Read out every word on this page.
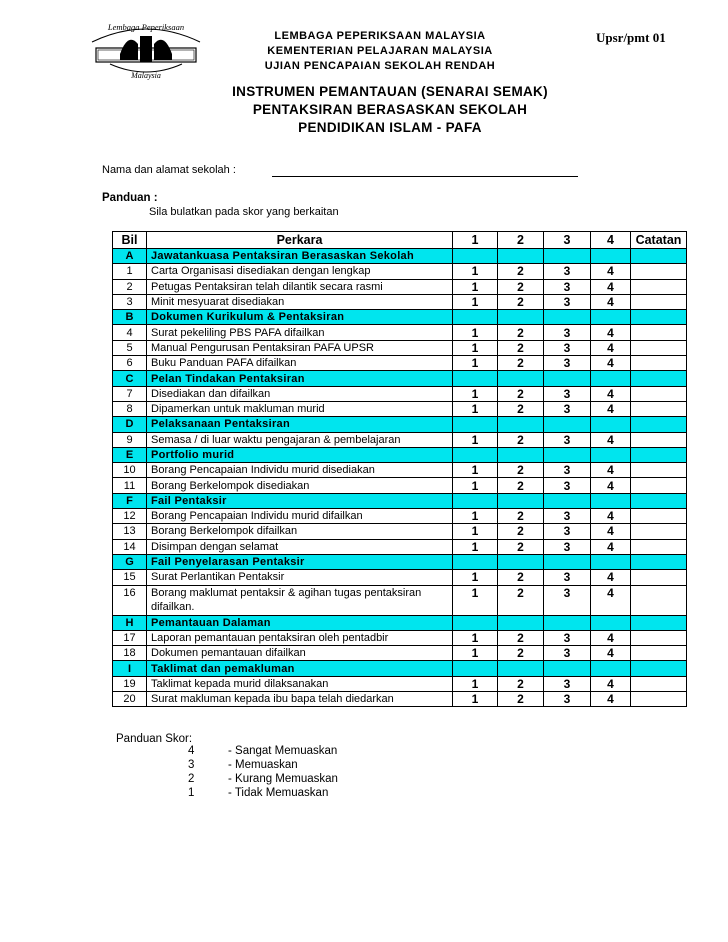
Lembaga Peperiksaan
Malaysia
Upsr/pmt 01
LEMBAGA PEPERIKSAAN MALAYSIA
KEMENTERIAN PELAJARAN MALAYSIA
UJIAN PENCAPAIAN SEKOLAH RENDAH
INSTRUMEN PEMANTAUAN (SENARAI SEMAK)
PENTAKSIRAN BERASASKAN SEKOLAH
PENDIDIKAN ISLAM - PAFA
Nama dan alamat sekolah :
Panduan :
Sila bulatkan pada skor yang berkaitan
Bil	Perkara	1	2	3	4	Catatan
A	Jawatankuasa Pentaksiran Berasaskan Sekolah					
1	Carta Organisasi disediakan dengan lengkap	1	2	3	4	
2	Petugas Pentaksiran telah dilantik secara rasmi	1	2	3	4	
3	Minit mesyuarat disediakan	1	2	3	4	
B	Dokumen Kurikulum & Pentaksiran					
4	Surat pekeliling PBS PAFA difailkan	1	2	3	4	
5	Manual Pengurusan Pentaksiran PAFA UPSR	1	2	3	4	
6	Buku Panduan PAFA difailkan	1	2	3	4	
C	Pelan Tindakan Pentaksiran					
7	Disediakan dan difailkan	1	2	3	4	
8	Dipamerkan untuk makluman murid	1	2	3	4	
D	Pelaksanaan Pentaksiran					
9	Semasa / di luar waktu pengajaran & pembelajaran	1	2	3	4	
E	Portfolio murid					
10	Borang Pencapaian Individu murid disediakan	1	2	3	4	
11	Borang Berkelompok disediakan	1	2	3	4	
F	Fail Pentaksir					
12	Borang Pencapaian Individu murid difailkan	1	2	3	4	
13	Borang Berkelompok difailkan	1	2	3	4	
14	Disimpan dengan selamat	1	2	3	4	
G	Fail Penyelarasan Pentaksir					
15	Surat Perlantikan Pentaksir	1	2	3	4	
16	Borang maklumat pentaksir & agihan tugas pentaksiran difailkan.	1	2	3	4	
H	Pemantauan Dalaman					
17	Laporan pemantauan pentaksiran oleh pentadbir	1	2	3	4	
18	Dokumen pemantauan difailkan	1	2	3	4	
I	Taklimat dan pemakluman					
19	Taklimat kepada murid dilaksanakan	1	2	3	4	
20	Surat makluman kepada ibu bapa telah diedarkan	1	2	3	4	
Panduan Skor:
4	- Sangat Memuaskan
3	- Memuaskan
2	- Kurang Memuaskan
1	- Tidak Memuaskan
